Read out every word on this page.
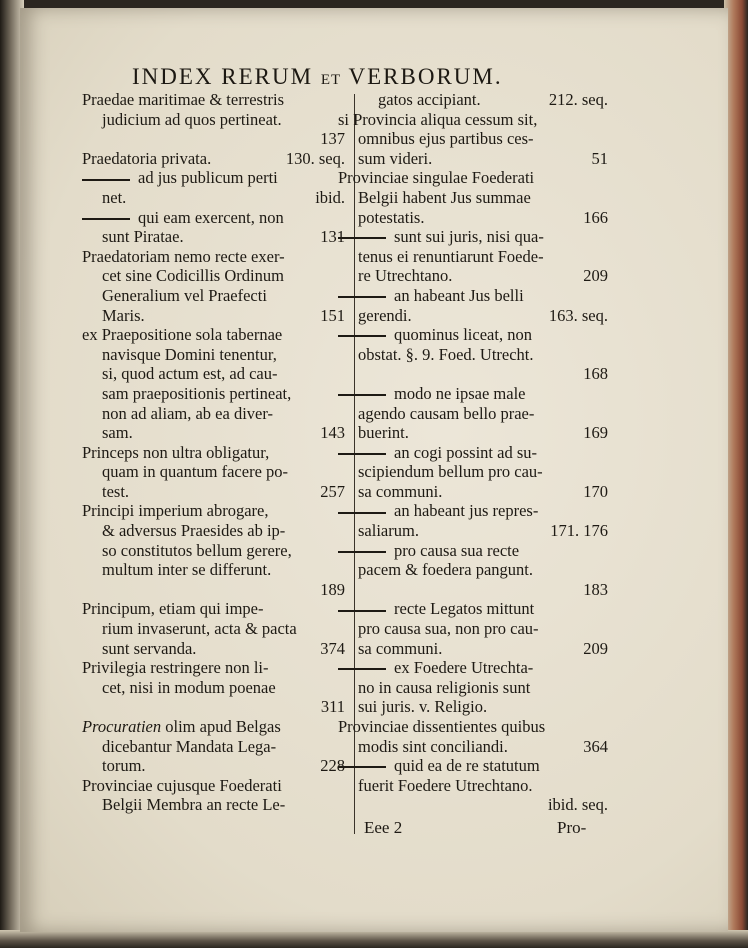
INDEX RERUM ET VERBORUM.
Praedae maritimae & terrestris
judicium ad quos pertineat.
137
Praedatoria privata.	130. seq.
ad jus publicum perti
net.	ibid.
qui eam exercent, non
sunt Piratae.	131
Praedatoriam nemo recte exer-
cet sine Codicillis Ordinum
Generalium vel Praefecti
Maris.	151
ex Praepositione sola tabernae
navisque Domini tenentur,
si, quod actum est, ad cau-
sam praepositionis pertineat,
non ad aliam, ab ea diver-
sam.	143
Princeps non ultra obligatur,
quam in quantum facere po-
test.	257
Principi imperium abrogare,
& adversus Praesides ab ip-
so constitutos bellum gerere,
multum inter se differunt.
189
Principum, etiam qui impe-
rium invaserunt, acta & pacta
sunt servanda.	374
Privilegia restringere non li-
cet, nisi in modum poenae
311
Procuratien olim apud Belgas
dicebantur Mandata Lega-
torum.	228
Provinciae cujusque Foederati
Belgii Membra an recte Le-
gatos accipiant.	212. seq.
si Provincia aliqua cessum sit,
omnibus ejus partibus ces-
sum videri.	51
Provinciae singulae Foederati
Belgii habent Jus summae
potestatis.	166
sunt sui juris, nisi qua-
tenus ei renuntiarunt Foede-
re Utrechtano.	209
an habeant Jus belli
gerendi.	163. seq.
quominus liceat, non
obstat. §. 9. Foed. Utrecht.
168
modo ne ipsae male
agendo causam bello prae-
buerint.	169
an cogi possint ad su-
scipiendum bellum pro cau-
sa communi.	170
an habeant jus repres-
saliarum.	171. 176
pro causa sua recte
pacem & foedera pangunt.
183
recte Legatos mittunt
pro causa sua, non pro cau-
sa communi.	209
ex Foedere Utrechta-
no in causa religionis sunt
sui juris. v. Religio.
Provinciae dissentientes quibus
modis sint conciliandi.	364
quid ea de re statutum
fuerit Foedere Utrechtano.
ibid. seq.
Eee 2	Pro-
